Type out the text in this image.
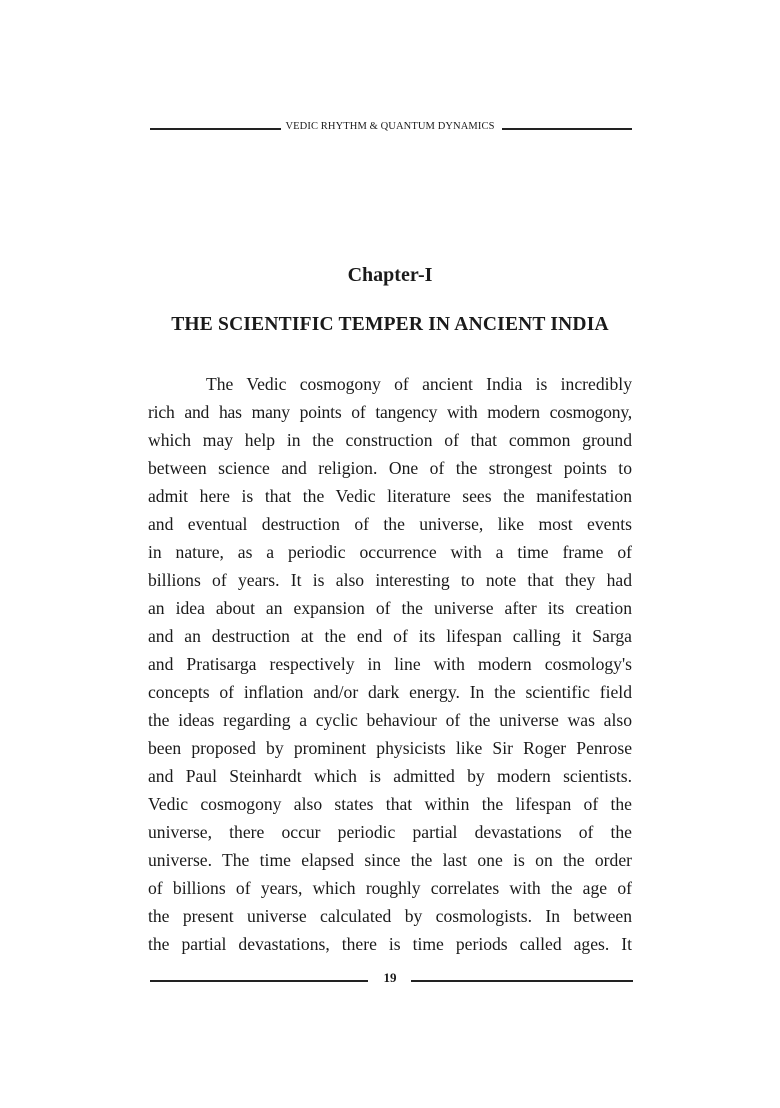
VEDIC RHYTHM & QUANTUM DYNAMICS
Chapter-I
THE SCIENTIFIC TEMPER IN ANCIENT INDIA
The Vedic cosmogony of ancient India is incredibly
rich and has many points of tangency with modern cosmogony,
which may help in the construction of that common ground
between science and religion. One of the strongest points to
admit here is that the Vedic literature sees the manifestation
and eventual destruction of the universe, like most events
in nature, as a periodic occurrence with a time frame of
billions of years. It is also interesting to note that they had
an idea about an expansion of the universe after its creation
and an destruction at the end of its lifespan calling it Sarga
and Pratisarga respectively in line with modern cosmology's
concepts of inflation and/or dark energy. In the scientific field
the ideas regarding a cyclic behaviour of the universe was also
been proposed by prominent physicists like Sir Roger Penrose
and Paul Steinhardt which is admitted by modern scientists.
Vedic cosmogony also states that within the lifespan of the
universe, there occur periodic partial devastations of the
universe. The time elapsed since the last one is on the order
of billions of years, which roughly correlates with the age of
the present universe calculated by cosmologists. In between
the partial devastations, there is time periods called ages. It
19
